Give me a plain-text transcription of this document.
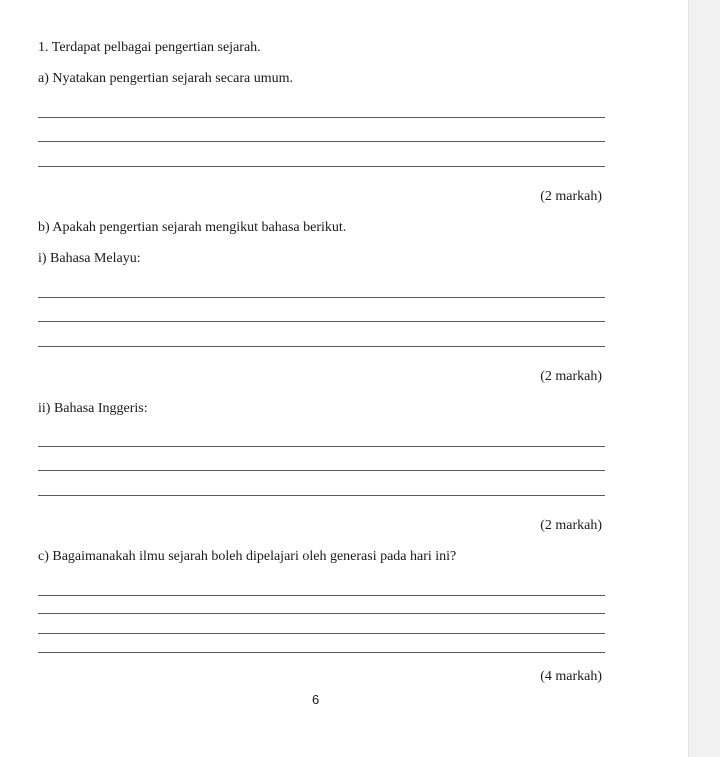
1. Terdapat pelbagai pengertian sejarah.
a) Nyatakan pengertian sejarah secara umum.
(2 markah)
b) Apakah pengertian sejarah mengikut bahasa berikut.
i) Bahasa Melayu:
(2 markah)
ii) Bahasa Inggeris:
(2 markah)
c) Bagaimanakah ilmu sejarah boleh dipelajari oleh generasi pada hari ini?
(4 markah)
6
